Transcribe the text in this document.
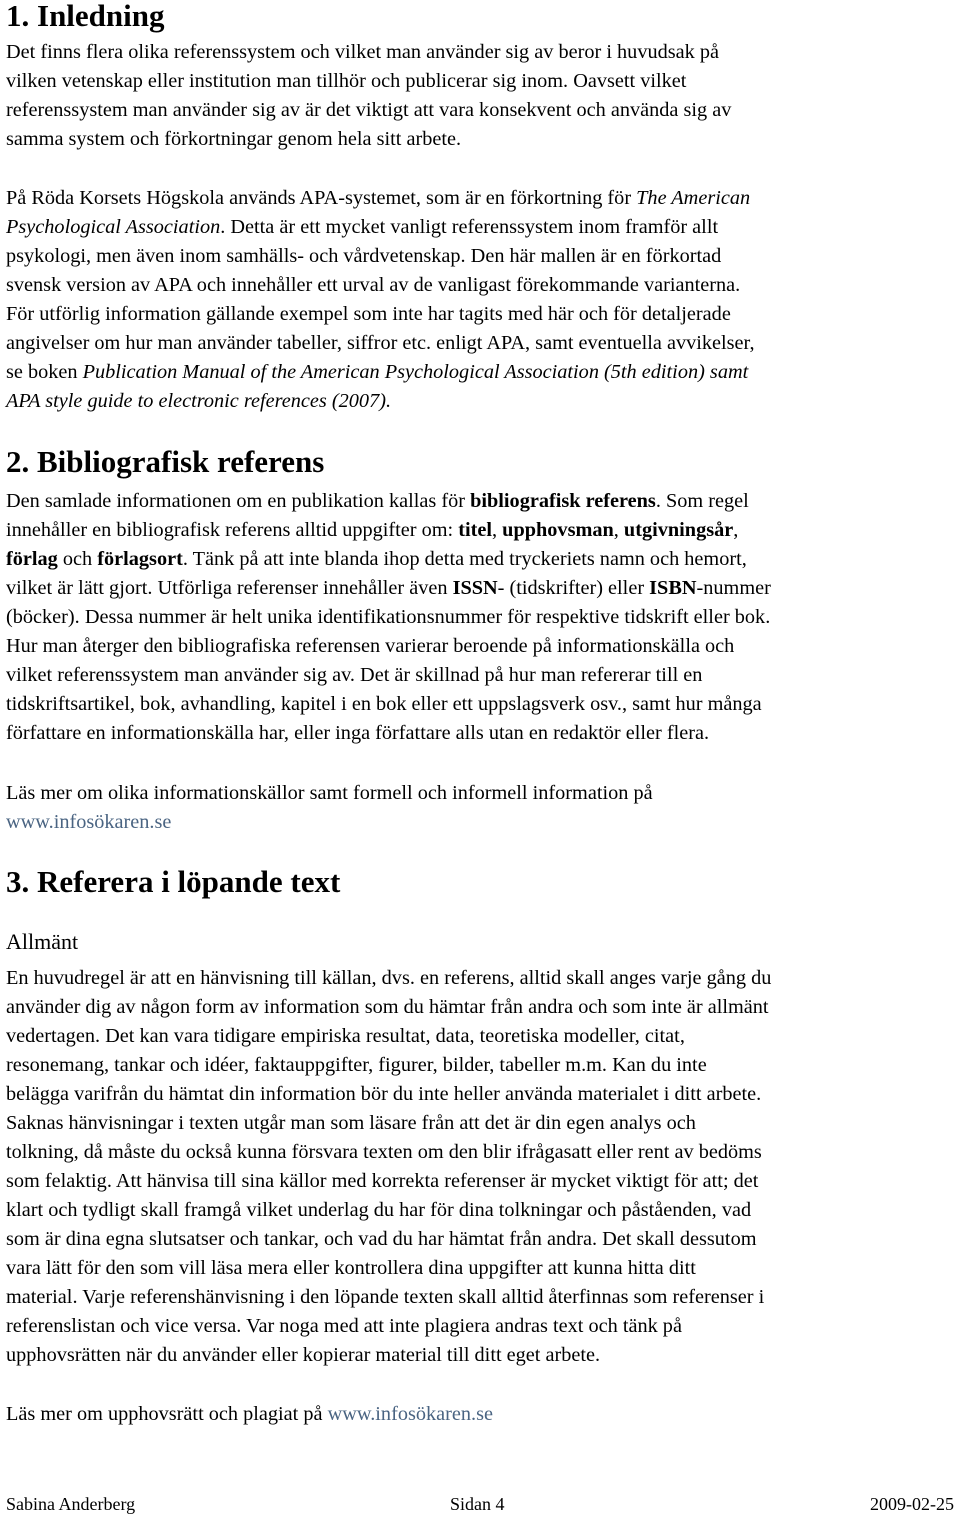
1. Inledning

Det finns flera olika referenssystem och vilket man använder sig av beror i huvudsak på
vilken vetenskap eller institution man tillhör och publicerar sig inom. Oavsett vilket
referenssystem man använder sig av är det viktigt att vara konsekvent och använda sig av
samma system och förkortningar genom hela sitt arbete.

På Röda Korsets Högskola används APA-systemet, som är en förkortning för The American
Psychological Association. Detta är ett mycket vanligt referenssystem inom framför allt
psykologi, men även inom samhälls- och vårdvetenskap. Den här mallen är en förkortad
svensk version av APA och innehåller ett urval av de vanligast förekommande varianterna.
För utförlig information gällande exempel som inte har tagits med här och för detaljerade
angivelser om hur man använder tabeller, siffror etc. enligt APA, samt eventuella avvikelser,
se boken Publication Manual of the American Psychological Association (5th edition) samt
APA style guide to electronic references (2007).

2. Bibliografisk referens

Den samlade informationen om en publikation kallas för bibliografisk referens. Som regel
innehåller en bibliografisk referens alltid uppgifter om: titel, upphovsman, utgivningsår,
förlag och förlagsort. Tänk på att inte blanda ihop detta med tryckeriets namn och hemort,
vilket är lätt gjort. Utförliga referenser innehåller även ISSN- (tidskrifter) eller ISBN-nummer
(böcker). Dessa nummer är helt unika identifikationsnummer för respektive tidskrift eller bok.
Hur man återger den bibliografiska referensen varierar beroende på informationskälla och
vilket referenssystem man använder sig av. Det är skillnad på hur man refererar till en
tidskriftsartikel, bok, avhandling, kapitel i en bok eller ett uppslagsverk osv., samt hur många
författare en informationskälla har, eller inga författare alls utan en redaktör eller flera.

Läs mer om olika informationskällor samt formell och informell information på
www.infosökaren.se

3. Referera i löpande text
Allmänt

En huvudregel är att en hänvisning till källan, dvs. en referens, alltid skall anges varje gång du
använder dig av någon form av information som du hämtar från andra och som inte är allmänt
vedertagen. Det kan vara tidigare empiriska resultat, data, teoretiska modeller, citat,
resonemang, tankar och idéer, faktauppgifter, figurer, bilder, tabeller m.m. Kan du inte
belägga varifrån du hämtat din information bör du inte heller använda materialet i ditt arbete.
Saknas hänvisningar i texten utgår man som läsare från att det är din egen analys och
tolkning, då måste du också kunna försvara texten om den blir ifrågasatt eller rent av bedöms
som felaktig. Att hänvisa till sina källor med korrekta referenser är mycket viktigt för att; det
klart och tydligt skall framgå vilket underlag du har för dina tolkningar och påståenden, vad
som är dina egna slutsatser och tankar, och vad du har hämtat från andra. Det skall dessutom
vara lätt för den som vill läsa mera eller kontrollera dina uppgifter att kunna hitta ditt
material. Varje referenshänvisning i den löpande texten skall alltid återfinnas som referenser i
referenslistan och vice versa. Var noga med att inte plagiera andras text och tänk på
upphovsrätten när du använder eller kopierar material till ditt eget arbete.

Läs mer om upphovsrätt och plagiat på www.infosökaren.se

Sabina Anderberg	Sidan 4	2009-02-25
